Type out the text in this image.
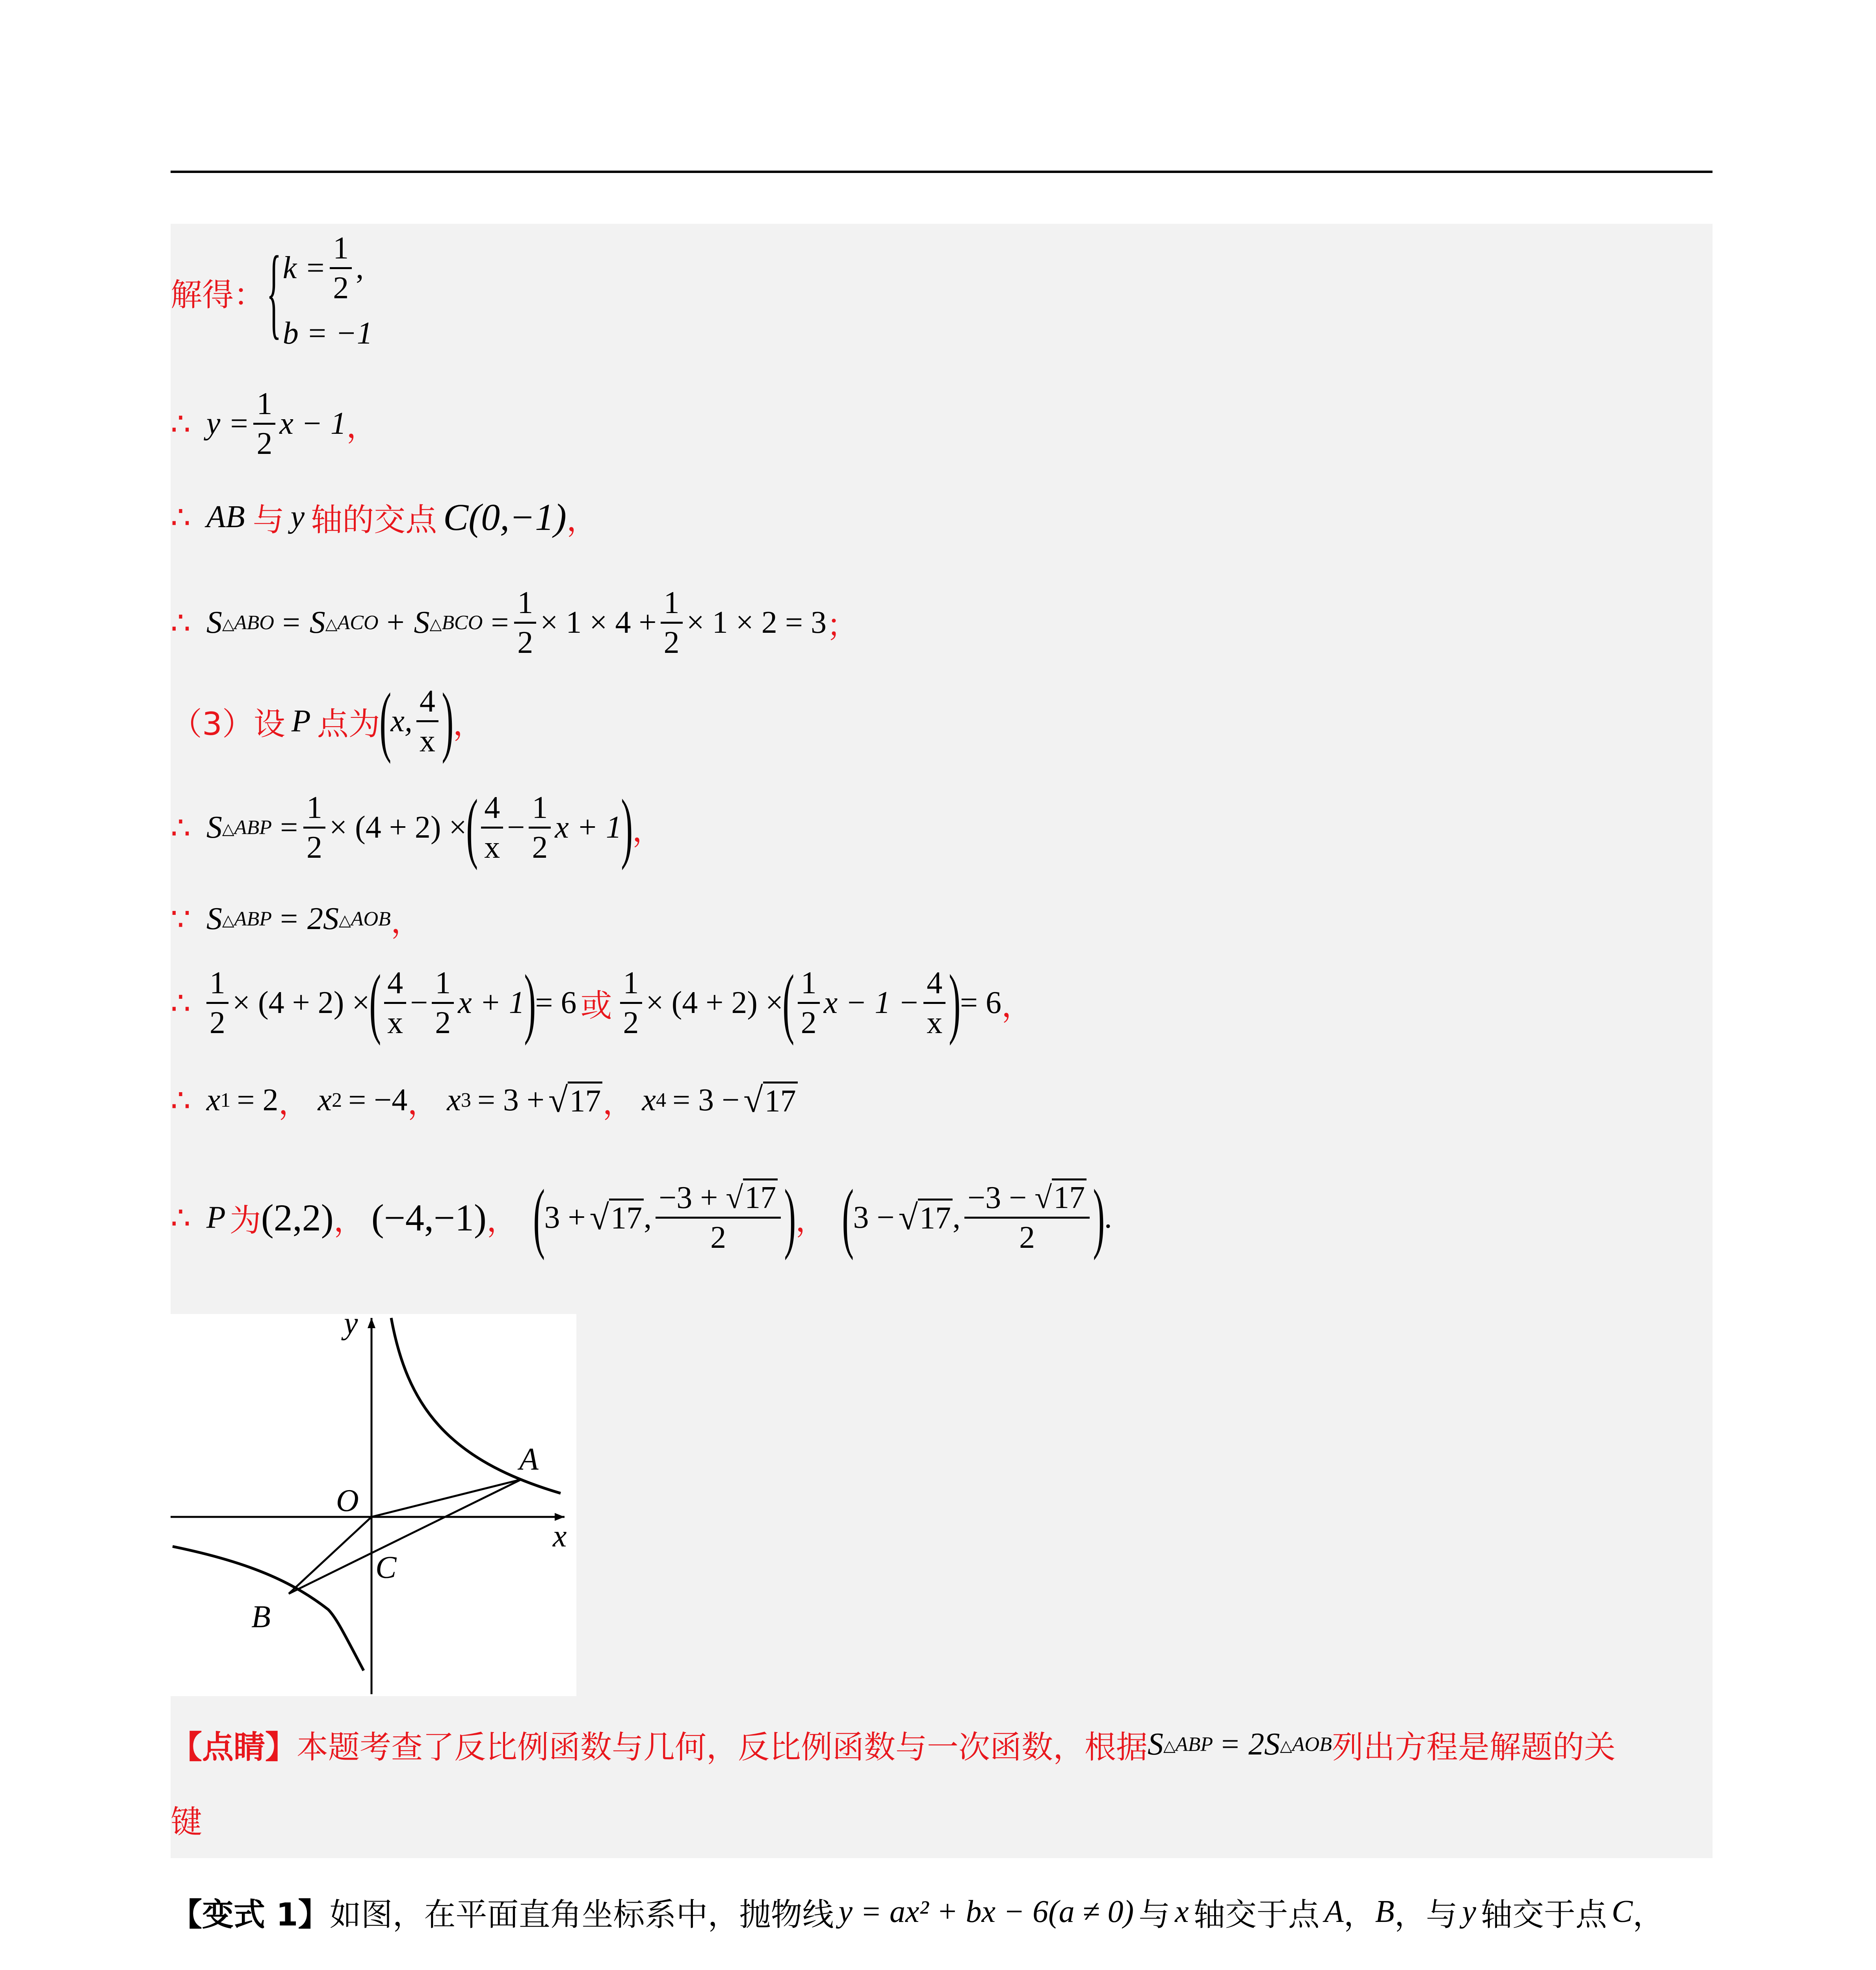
解得： { $k = \frac{1}{2}$ ,
b = −1
∴ $y = \frac{1}{2}$ x − 1 ，
∴ AB 与 y 轴的交点 C(0,−1) ，
∴ S △ABO = S △ACO + S △BCO = $\frac{1}{2} \times 1 \times 4 + \frac{1}{2} \times 1 \times 2 = 3$ ；
（3）设 P 点为
(
x, $\frac{4}{x}$ )
，
∴ S △ABP = $\frac{1}{2} \times (4 + 2)$ ×
( $\frac{4}{x} - \frac{1}{2}$ x + 1
)
，
∵ S △ABP = 2S △AOB ，
∴ $\frac{1}{2} \times (4 + 2)$ ×
( $\frac{4}{x} - \frac{1}{2}$ x + 1
)
= 6 或 $\frac{1}{2} \times (4 + 2)$ ×
( $\frac{1}{2}$ $x - 1 - \frac{4}{x}$ )
= 6 ，
∴ x 1 = 2 ， x 2 = −4 ， x 3 = 3 + √ 17 ， x 4 = 3 − √ 17
∴ P 为 (2,2) ， (−4,−1) ， (
3 + √ 17 , $\frac{-3 + √17}{2}$ )
， (
3 − √ 17 , $\frac{-3 - √17}{2}$ )
.
y
x
O
A
B
C
【点睛】 本题考查了反比例函数与几何，反比例函数与一次函数，根据 S △ABP = 2S △AOB 列出方程是解题的关
键
【变式 1】 如图，在平面直角坐标系中，抛物线 y = ax² + bx − 6(a ≠ 0) 与 x 轴交于点 A ， B ， 与 y 轴交于点 C ，
